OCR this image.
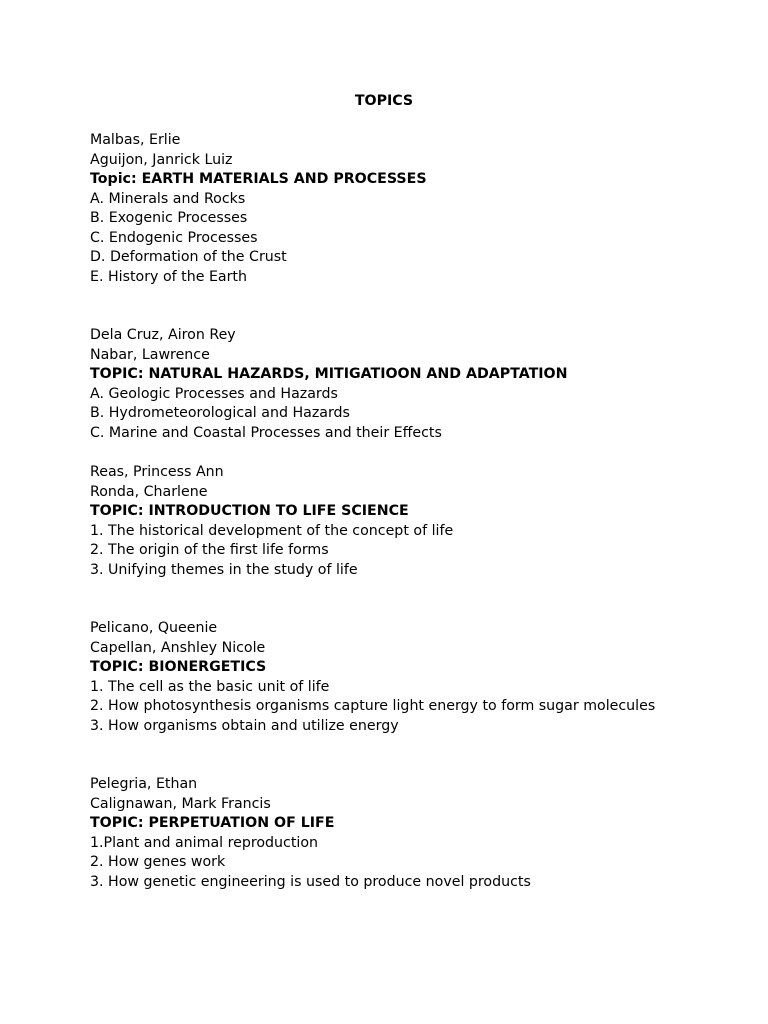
TOPICS
Malbas, Erlie
Aguijon, Janrick Luiz
Topic: EARTH MATERIALS AND PROCESSES
A. Minerals and Rocks
B. Exogenic Processes
C. Endogenic Processes
D. Deformation of the Crust
E. History of the Earth
Dela Cruz, Airon Rey
Nabar, Lawrence
TOPIC: NATURAL HAZARDS, MITIGATIOON AND ADAPTATION
A. Geologic Processes and Hazards
B. Hydrometeorological and Hazards
C. Marine and Coastal Processes and their Effects
Reas, Princess Ann
Ronda, Charlene
TOPIC: INTRODUCTION TO LIFE SCIENCE
1. The historical development of the concept of life
2. The origin of the first life forms
3. Unifying themes in the study of life
Pelicano, Queenie
Capellan, Anshley Nicole
TOPIC: BIONERGETICS
1. The cell as the basic unit of life
2. How photosynthesis organisms capture light energy to form sugar molecules
3. How organisms obtain and utilize energy
Pelegria, Ethan
Calignawan, Mark Francis
TOPIC: PERPETUATION OF LIFE
1.Plant and animal reproduction
2. How genes work
3. How genetic engineering is used to produce novel products
